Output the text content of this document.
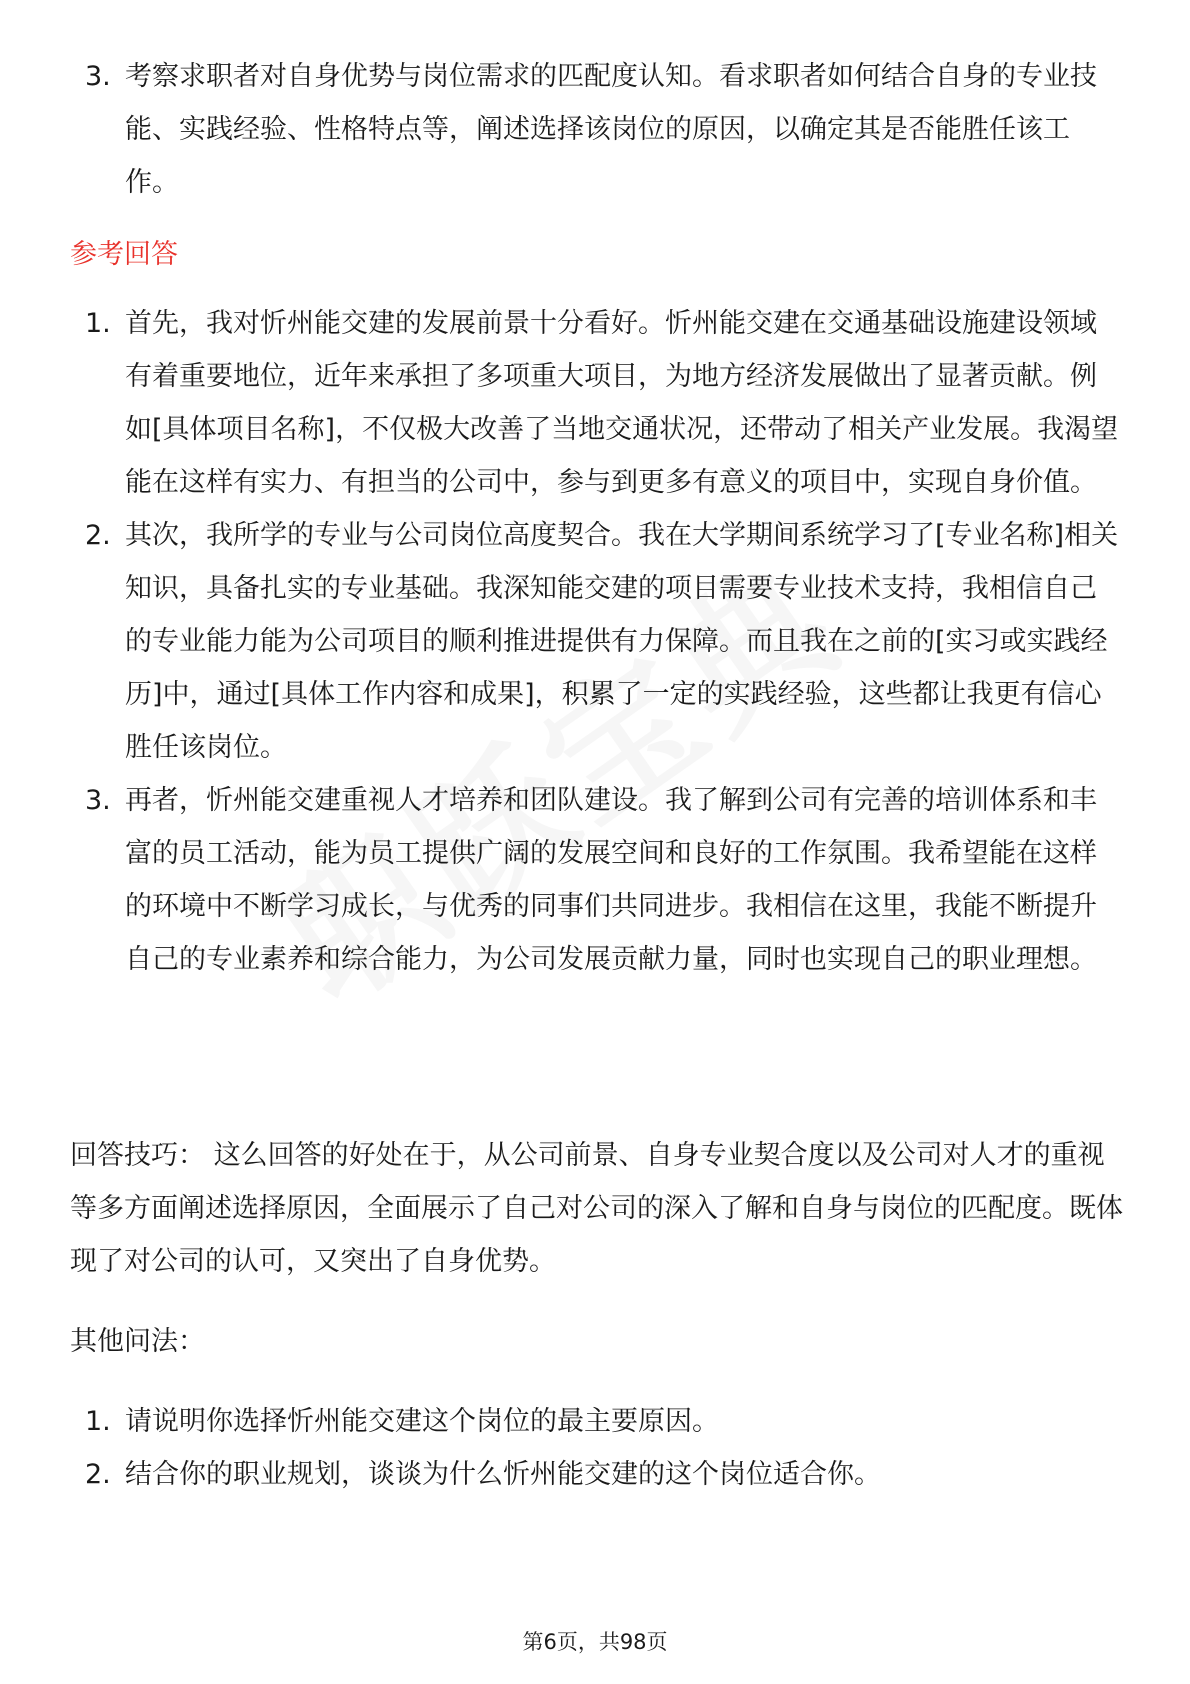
3. 考察求职者对自身优势与岗位需求的匹配度认知。看求职者如何结合自身的专业技能、实践经验、性格特点等，阐述选择该岗位的原因，以确定其是否能胜任该工作。
参考回答
1. 首先，我对忻州能交建的发展前景十分看好。忻州能交建在交通基础设施建设领域有着重要地位，近年来承担了多项重大项目，为地方经济发展做出了显著贡献。例如[具体项目名称]，不仅极大改善了当地交通状况，还带动了相关产业发展。我渴望能在这样有实力、有担当的公司中，参与到更多有意义的项目中，实现自身价值。
2. 其次，我所学的专业与公司岗位高度契合。我在大学期间系统学习了[专业名称]相关知识，具备扎实的专业基础。我深知能交建的项目需要专业技术支持，我相信自己的专业能力能为公司项目的顺利推进提供有力保障。而且我在之前的[实习或实践经历]中，通过[具体工作内容和成果]，积累了一定的实践经验，这些都让我更有信心胜任该岗位。
3. 再者，忻州能交建重视人才培养和团队建设。我了解到公司有完善的培训体系和丰富的员工活动，能为员工提供广阔的发展空间和良好的工作氛围。我希望能在这样的环境中不断学习成长，与优秀的同事们共同进步。我相信在这里，我能不断提升自己的专业素养和综合能力，为公司发展贡献力量，同时也实现自己的职业理想。
回答技巧： 这么回答的好处在于，从公司前景、自身专业契合度以及公司对人才的重视等多方面阐述选择原因，全面展示了自己对公司的深入了解和自身与岗位的匹配度。既体现了对公司的认可，又突出了自身优势。
其他问法：
1. 请说明你选择忻州能交建这个岗位的最主要原因。
2. 结合你的职业规划，谈谈为什么忻州能交建的这个岗位适合你。
第6页，共98页
